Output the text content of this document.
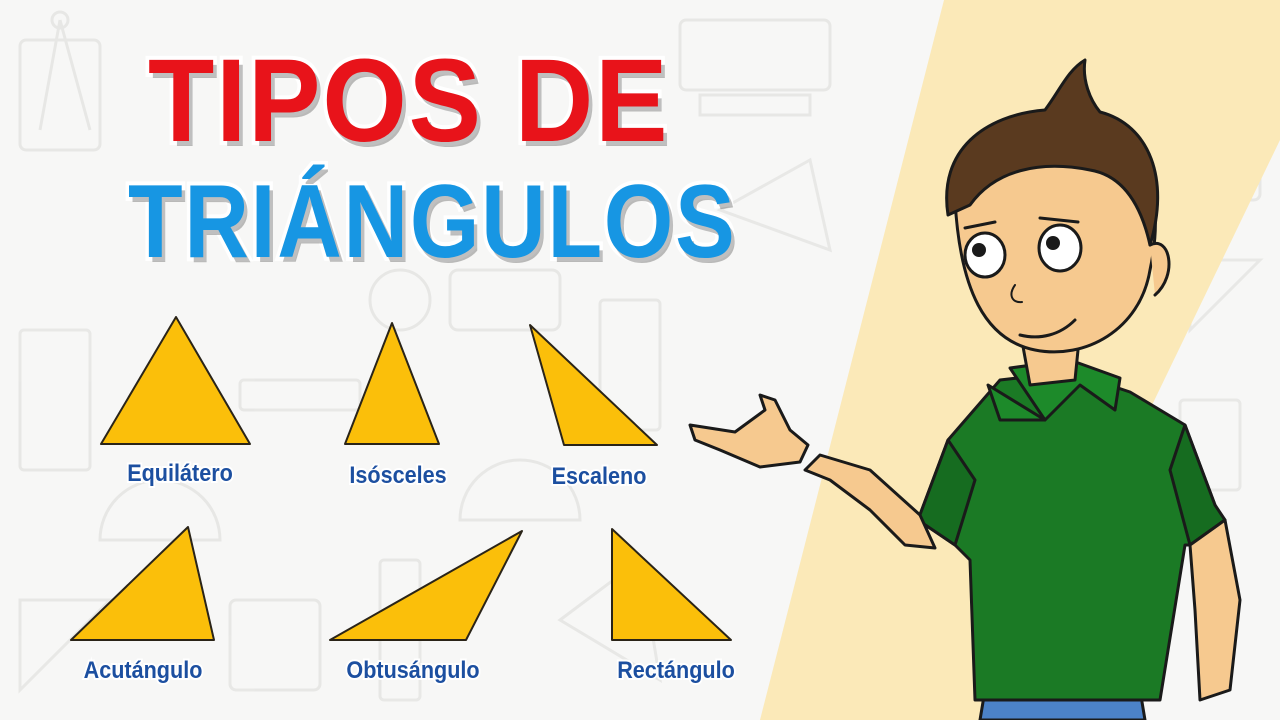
TIPOS DE
TRIÁNGULOS
Equilátero	Isósceles	Escaleno
Acutángulo	Obtusángulo	Rectángulo
